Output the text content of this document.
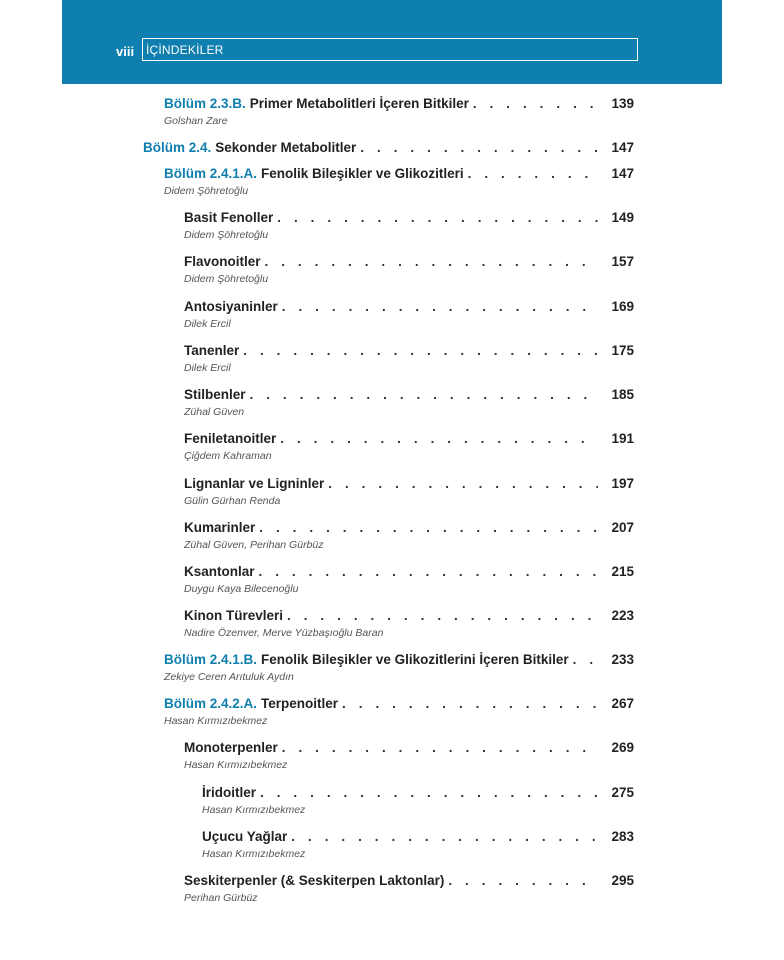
viii İÇİNDEKİLER
Bölüm 2.3.B. Primer Metabolitleri İçeren Bitkiler . . .	139
Golshan Zare
Bölüm 2.4. Sekonder Metabolitler . . .	147
Bölüm 2.4.1.A. Fenolik Bileşikler ve Glikozitleri . . .	147
Didem Şöhretoğlu
Basit Fenoller . . .	149
Didem Şöhretoğlu
Flavonoitler . . .	157
Didem Şöhretoğlu
Antosiyaninler . . .	169
Dilek Ercil
Tanenler . . .	175
Dilek Ercil
Stilbenler . . .	185
Zühal Güven
Feniletanoitler . . .	191
Çiğdem Kahraman
Lignanlar ve Ligninler . . .	197
Gülin Gürhan Renda
Kumarinler . . .	207
Zühal Güven, Perihan Gürbüz
Ksantonlar . . .	215
Duygu Kaya Bilecenoğlu
Kinon Türevleri . . .	223
Nadire Özenver, Merve Yüzbaşıoğlu Baran
Bölüm 2.4.1.B. Fenolik Bileşikler ve Glikozitlerini İçeren Bitkiler . . .	233
Zekiye Ceren Arıtuluk Aydın
Bölüm 2.4.2.A. Terpenoitler . . .	267
Hasan Kırmızıbekmez
Monoterpenler . . .	269
Hasan Kırmızıbekmez
İridoitler . . .	275
Hasan Kırmızıbekmez
Uçucu Yağlar . . .	283
Hasan Kırmızıbekmez
Seskiterpenler (& Seskiterpen Laktonlar) . . .	295
Perihan Gürbüz
